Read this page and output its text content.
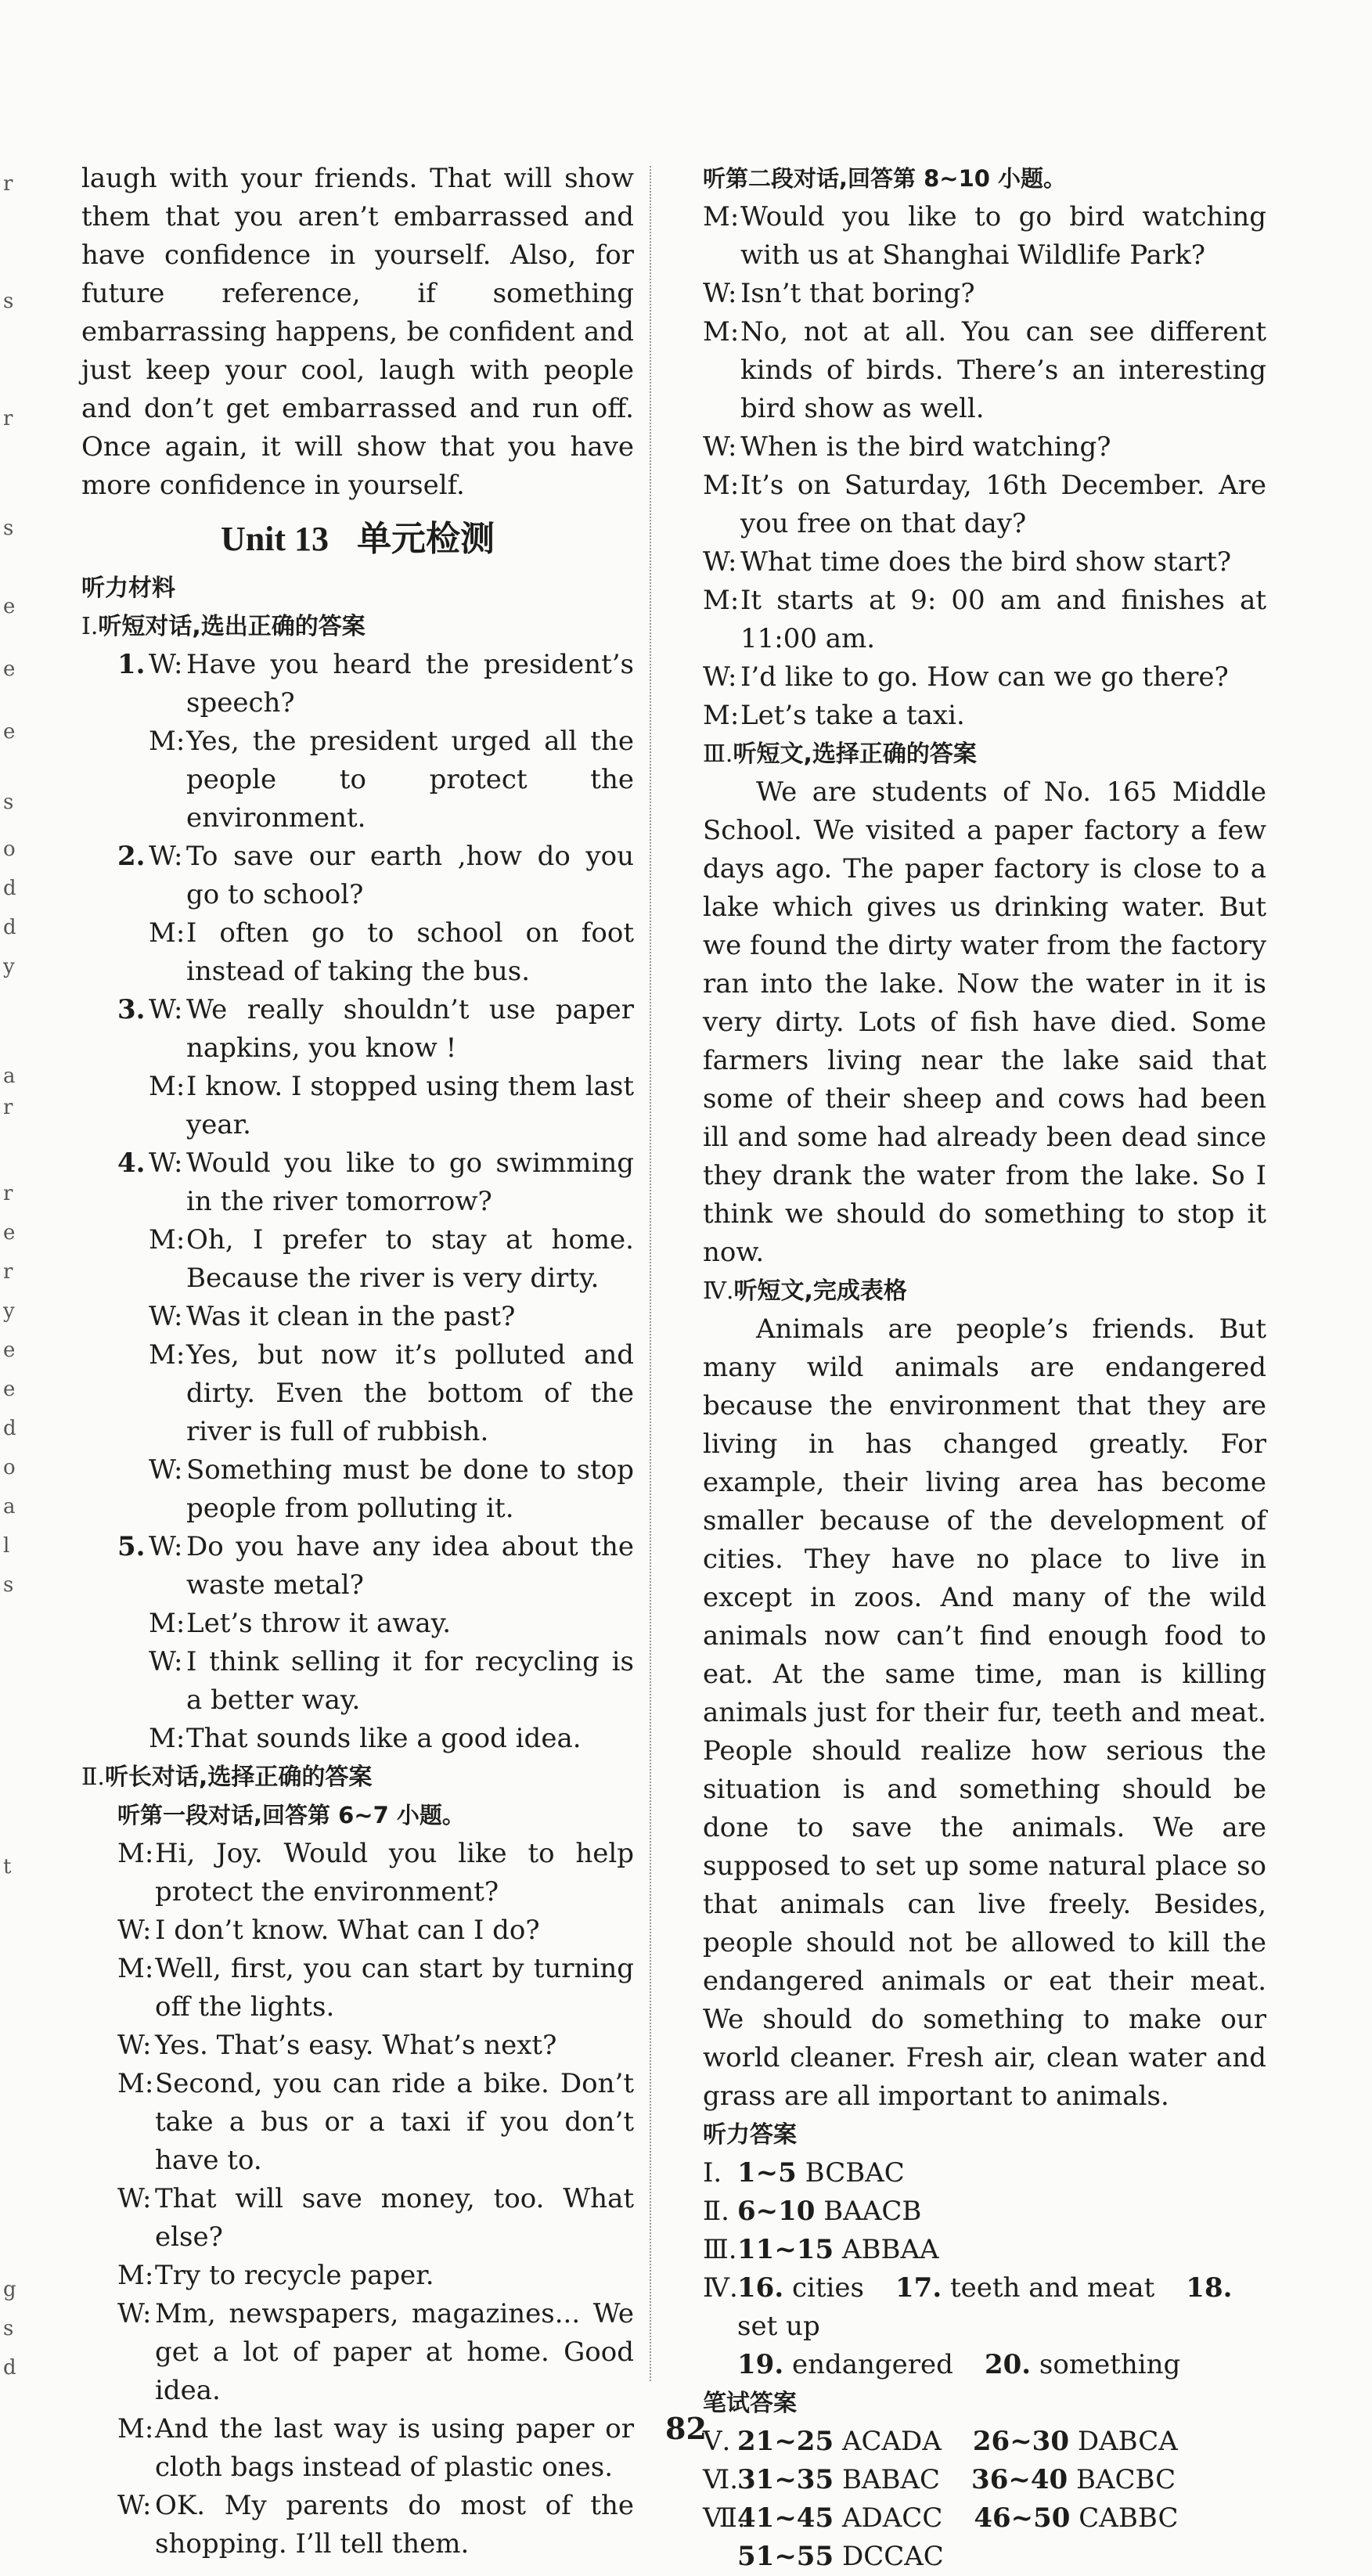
r
s
r
s
e
e
e
s
o
d
d
y
a
r
r
e
r
y
e
e
d
o
a
l
s
t
g
s
d
laugh with your friends. That will show them that you aren’t embarrassed and have confidence in yourself. Also, for future reference, if something embarrassing happens, be confident and just keep your cool, laugh with people and don’t get embarrassed and run off. Once again, it will show that you have more confidence in yourself.
Unit 13 单元检测
听力材料
Ⅰ.听短对话,选出正确的答案
1. W: Have you heard the president’s speech?
M: Yes, the president urged all the people to protect the environment.
2. W: To save our earth ,how do you go to school?
M: I often go to school on foot instead of taking the bus.
3. W: We really shouldn’t use paper napkins, you know !
M: I know. I stopped using them last year.
4. W: Would you like to go swimming in the river tomorrow?
M: Oh, I prefer to stay at home. Because the river is very dirty.
W: Was it clean in the past?
M: Yes, but now it’s polluted and dirty. Even the bottom of the river is full of rubbish.
W: Something must be done to stop people from polluting it.
5. W: Do you have any idea about the waste metal?
M: Let’s throw it away.
W: I think selling it for recycling is a better way.
M: That sounds like a good idea.
Ⅱ.听长对话,选择正确的答案
听第一段对话,回答第 6~7 小题。
M: Hi, Joy. Would you like to help protect the environment?
W: I don’t know. What can I do?
M: Well, first, you can start by turning off the lights.
W: Yes. That’s easy. What’s next?
M: Second, you can ride a bike. Don’t take a bus or a taxi if you don’t have to.
W: That will save money, too. What else?
M: Try to recycle paper.
W: Mm, newspapers, magazines... We get a lot of paper at home. Good idea.
M: And the last way is using paper or cloth bags instead of plastic ones.
W: OK. My parents do most of the shopping. I’ll tell them.
听第二段对话,回答第 8~10 小题。
M: Would you like to go bird watching with us at Shanghai Wildlife Park?
W: Isn’t that boring?
M: No, not at all. You can see different kinds of birds. There’s an interesting bird show as well.
W: When is the bird watching?
M: It’s on Saturday, 16th December. Are you free on that day?
W: What time does the bird show start?
M: It starts at 9: 00 am and finishes at 11:00 am.
W: I’d like to go. How can we go there?
M: Let’s take a taxi.
Ⅲ.听短文,选择正确的答案
We are students of No. 165 Middle School. We visited a paper factory a few days ago. The paper factory is close to a lake which gives us drinking water. But we found the dirty water from the factory ran into the lake. Now the water in it is very dirty. Lots of fish have died. Some farmers living near the lake said that some of their sheep and cows had been ill and some had already been dead since they drank the water from the lake. So I think we should do something to stop it now.
Ⅳ.听短文,完成表格
Animals are people’s friends. But many wild animals are endangered because the environment that they are living in has changed greatly. For example, their living area has become smaller because of the development of cities. They have no place to live in except in zoos. And many of the wild animals now can’t find enough food to eat. At the same time, man is killing animals just for their fur, teeth and meat. People should realize how serious the situation is and something should be done to save the animals. We are supposed to set up some natural place so that animals can live freely. Besides, people should not be allowed to kill the endangered animals or eat their meat. We should do something to make our world cleaner. Fresh air, clean water and grass are all important to animals.
听力答案
Ⅰ. 1~5
BCBAC
Ⅱ. 6~10
BAACB
Ⅲ. 11~15
ABBAA
Ⅳ. 16. cities 17. teeth and meat 18. set up
19. endangered 20. something
笔试答案
Ⅴ. 21~25 ACADA 26~30 DABCA
Ⅵ.
31~35 BABAC 36~40 BACBC
Ⅶ.
41~45 ADACC 46~50 CABBC
51~55 DCCAC
82
